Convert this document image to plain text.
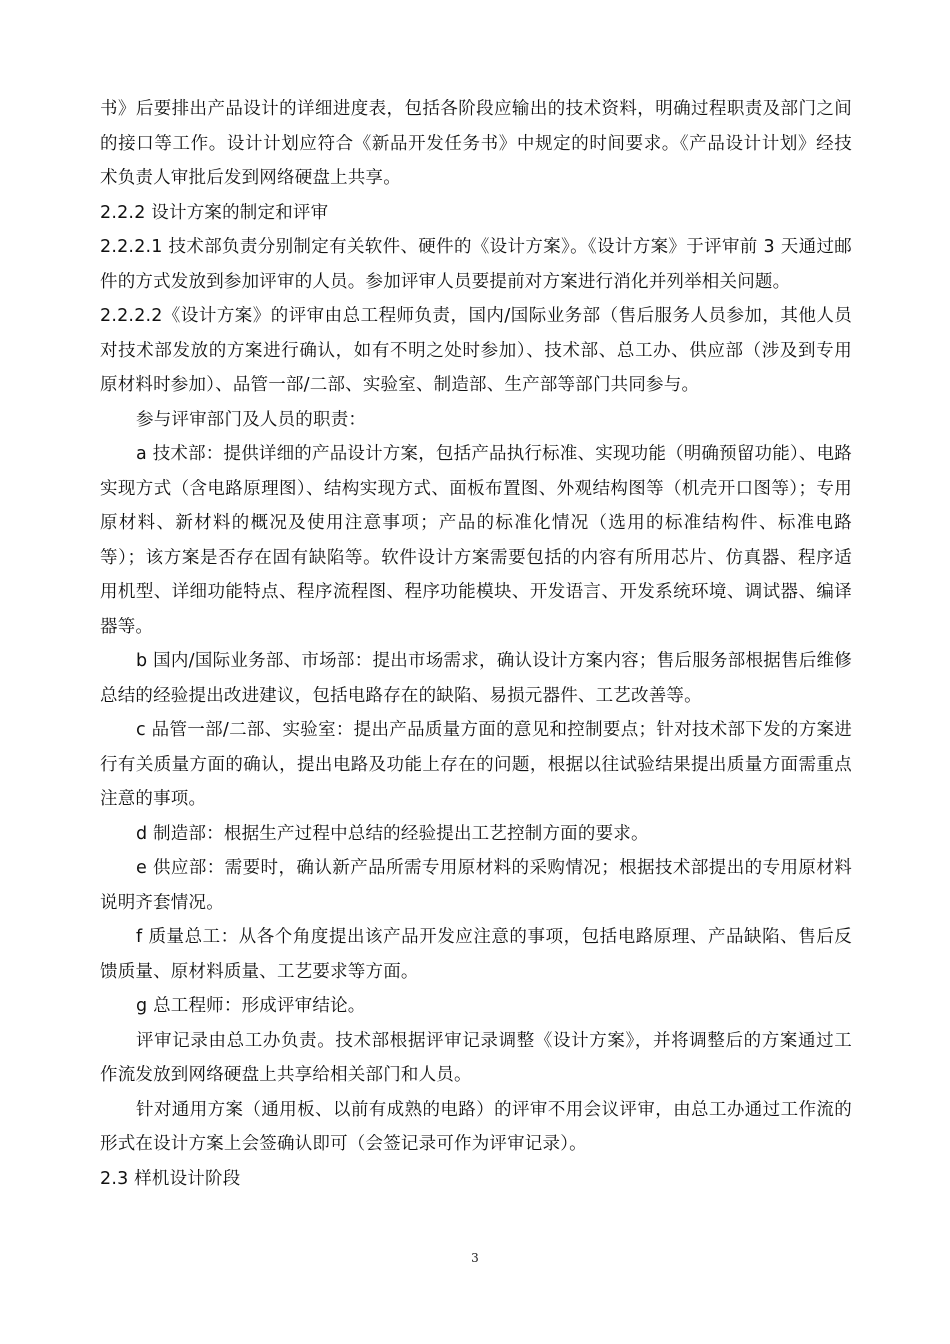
书》后要排出产品设计的详细进度表，包括各阶段应输出的技术资料，明确过程职责及部门之间的接口等工作。设计计划应符合《新品开发任务书》中规定的时间要求。《产品设计计划》经技术负责人审批后发到网络硬盘上共享。

2.2.2 设计方案的制定和评审

2.2.2.1 技术部负责分别制定有关软件、硬件的《设计方案》。《设计方案》于评审前 3 天通过邮件的方式发放到参加评审的人员。参加评审人员要提前对方案进行消化并列举相关问题。

2.2.2.2《设计方案》的评审由总工程师负责，国内/国际业务部（售后服务人员参加，其他人员对技术部发放的方案进行确认，如有不明之处时参加）、技术部、总工办、供应部（涉及到专用原材料时参加）、品管一部/二部、实验室、制造部、生产部等部门共同参与。

参与评审部门及人员的职责：

a 技术部：提供详细的产品设计方案，包括产品执行标准、实现功能（明确预留功能）、电路实现方式（含电路原理图）、结构实现方式、面板布置图、外观结构图等（机壳开口图等）；专用原材料、新材料的概况及使用注意事项；产品的标准化情况（选用的标准结构件、标准电路等）；该方案是否存在固有缺陷等。软件设计方案需要包括的内容有所用芯片、仿真器、程序适用机型、详细功能特点、程序流程图、程序功能模块、开发语言、开发系统环境、调试器、编译器等。

b 国内/国际业务部、市场部：提出市场需求，确认设计方案内容；售后服务部根据售后维修总结的经验提出改进建议，包括电路存在的缺陷、易损元器件、工艺改善等。

c 品管一部/二部、实验室：提出产品质量方面的意见和控制要点；针对技术部下发的方案进行有关质量方面的确认，提出电路及功能上存在的问题，根据以往试验结果提出质量方面需重点注意的事项。

d 制造部：根据生产过程中总结的经验提出工艺控制方面的要求。

e 供应部：需要时，确认新产品所需专用原材料的采购情况；根据技术部提出的专用原材料说明齐套情况。

f 质量总工：从各个角度提出该产品开发应注意的事项，包括电路原理、产品缺陷、售后反馈质量、原材料质量、工艺要求等方面。

g 总工程师：形成评审结论。

评审记录由总工办负责。技术部根据评审记录调整《设计方案》，并将调整后的方案通过工作流发放到网络硬盘上共享给相关部门和人员。

针对通用方案（通用板、以前有成熟的电路）的评审不用会议评审，由总工办通过工作流的形式在设计方案上会签确认即可（会签记录可作为评审记录）。

2.3 样机设计阶段

3
